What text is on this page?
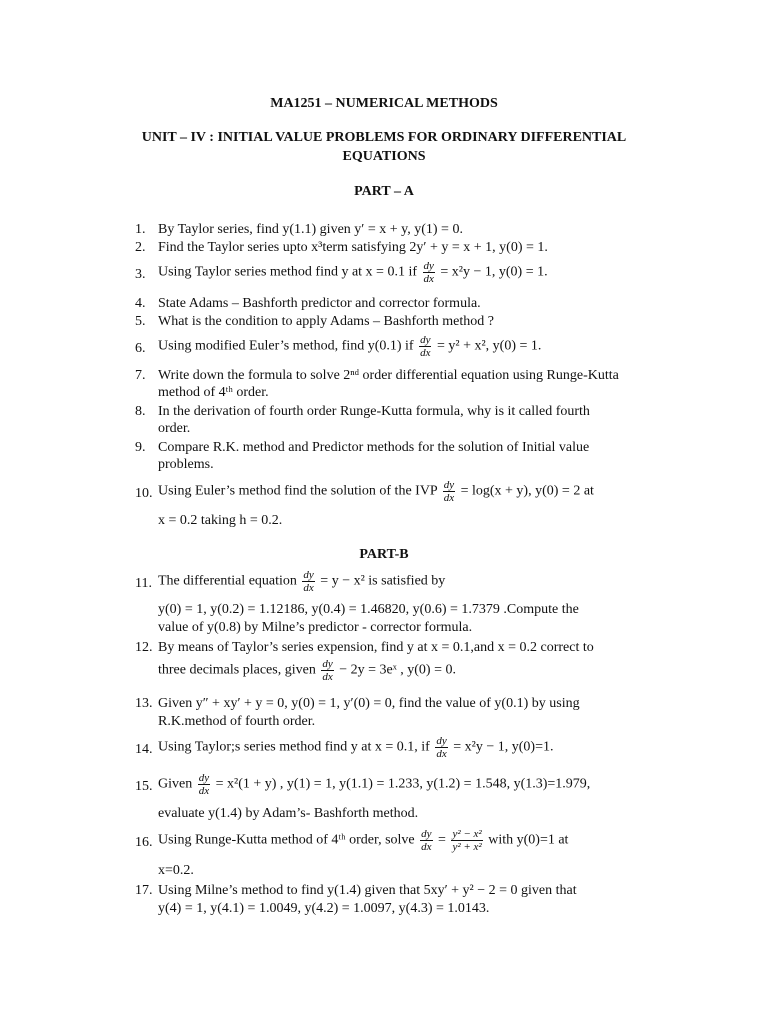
MA1251 – NUMERICAL METHODS
UNIT – IV : INITIAL VALUE PROBLEMS FOR ORDINARY DIFFERENTIAL
EQUATIONS
PART – A
1. By Taylor series, find y(1.1) given y′ = x + y, y(1) = 0.
2. Find the Taylor series upto x³term satisfying 2y′ + y = x + 1, y(0) = 1.
3. Using Taylor series method find y at x = 0.1 if $\frac{dy}{dx} = x^2y - 1$, y(0) = 1.
4. State Adams – Bashforth predictor and corrector formula.
5. What is the condition to apply Adams – Bashforth method ?
6. Using modified Euler’s method, find y(0.1) if $\frac{dy}{dx} = y^2 + x^2$, y(0) = 1.
7. Write down the formula to solve 2ⁿᵈ order differential equation using Runge-Kutta
method of 4ᵗʰ order.
8. In the derivation of fourth order Runge-Kutta formula, why is it called fourth
order.
9. Compare R.K. method and Predictor methods for the solution of Initial value
problems.
10. Using Euler’s method find the solution of the IVP $\frac{dy}{dx} = \log(x + y)$, y(0) = 2 at
x = 0.2 taking h = 0.2.
PART-B
11. The differential equation $\frac{dy}{dx} = y - x^2$ is satisfied by
y(0) = 1, y(0.2) = 1.12186, y(0.4) = 1.46820, y(0.6) = 1.7379 .Compute the
value of y(0.8) by Milne’s predictor - corrector formula.
12. By means of Taylor’s series expension, find y at x = 0.1,and x = 0.2 correct to
three decimals places, given $\frac{dy}{dx} - 2y$ = 3eˣ , y(0) = 0.
13. Given y″ + xy′ + y = 0, y(0) = 1, y′(0) = 0, find the value of y(0.1) by using
R.K.method of fourth order.
14. Using Taylor;s series method find y at x = 0.1, if $\frac{dy}{dx} = x^2y - 1$, y(0)=1.
15. Given $\frac{dy}{dx} = x^2(1 + y)$ , y(1) = 1, y(1.1) = 1.233, y(1.2) = 1.548, y(1.3)=1.979,
evaluate y(1.4) by Adam’s- Bashforth method.
16. Using Runge-Kutta method of 4ᵗʰ order, solve $\frac{dy}{dx} = \frac{\text{y² − x²}}{\text{y² + x²}}$ with y(0)=1 at
x=0.2.
17. Using Milne’s method to find y(1.4) given that 5xy′ + y² − 2 = 0 given that
y(4) = 1, y(4.1) = 1.0049, y(4.2) = 1.0097, y(4.3) = 1.0143.
